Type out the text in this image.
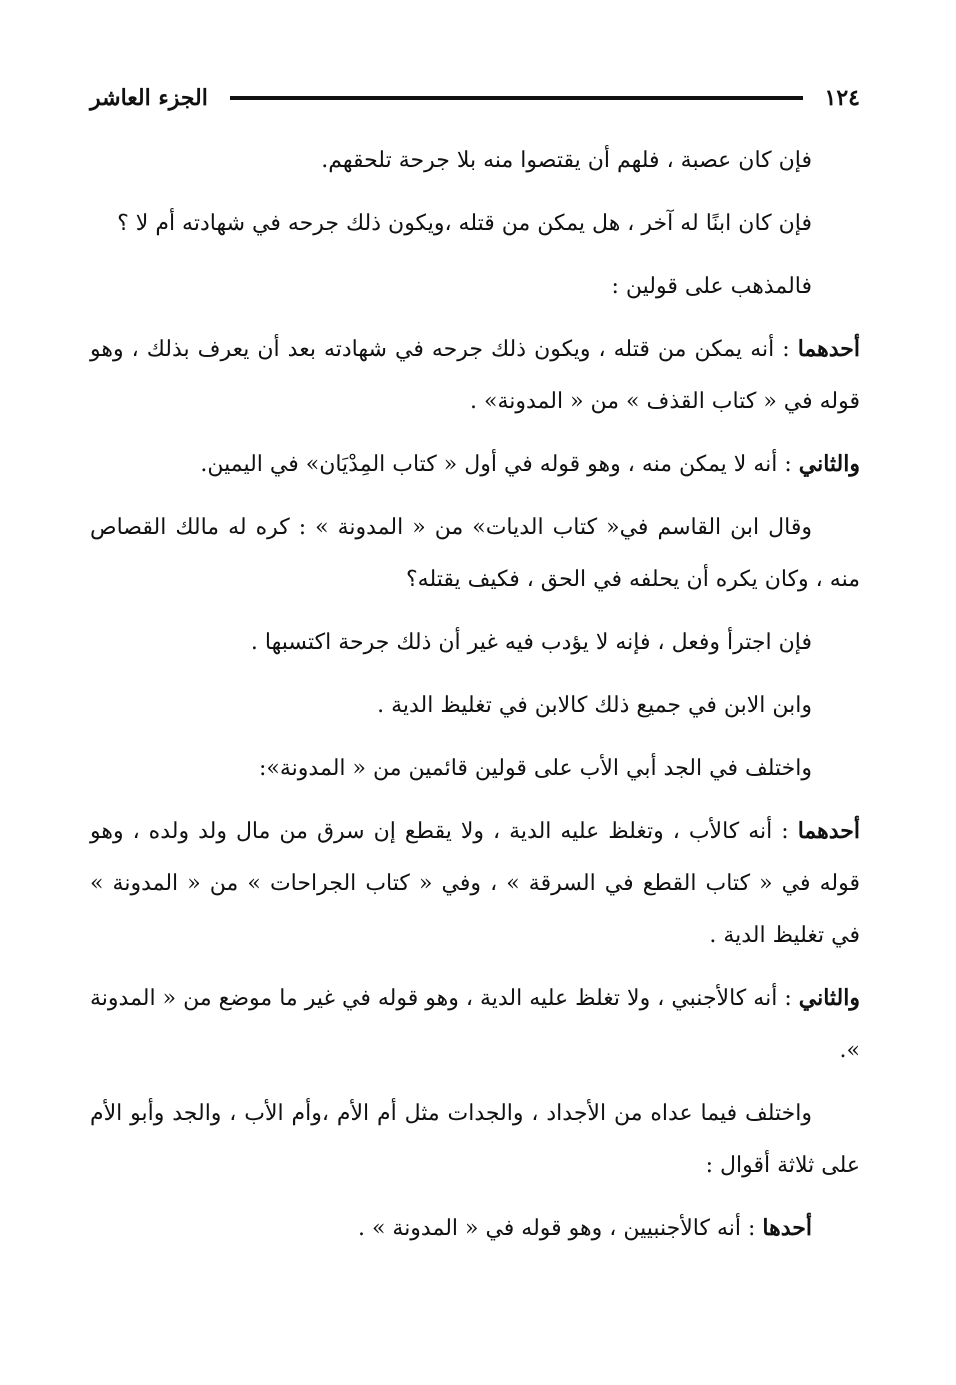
١٢٤
الجزء العاشر

فإن كان عصبة ، فلهم أن يقتصوا منه بلا جرحة تلحقهم.

فإن كان ابنًا له آخر ، هل يمكن من قتله ،ويكون ذلك جرحه في شهادته أم لا ؟

فالمذهب على قولين :

أحدهما : أنه يمكن من قتله ، ويكون ذلك جرحه في شهادته بعد أن يعرف بذلك ، وهو قوله في « كتاب القذف » من « المدونة» .

والثاني : أنه لا يمكن منه ، وهو قوله في أول « كتاب المِدْيَان» في اليمين.

وقال ابن القاسم في« كتاب الديات» من « المدونة » : كره له مالك القصاص منه ، وكان يكره أن يحلفه في الحق ، فكيف يقتله؟

فإن اجترأ وفعل ، فإنه لا يؤدب فيه غير أن ذلك جرحة اكتسبها .

وابن الابن في جميع ذلك كالابن في تغليظ الدية .

واختلف في الجد أبي الأب على قولين قائمين من « المدونة»:

أحدهما : أنه كالأب ، وتغلظ عليه الدية ، ولا يقطع إن سرق من مال ولد ولده ، وهو قوله في « كتاب القطع في السرقة » ، وفي « كتاب الجراحات » من « المدونة » في تغليظ الدية .

والثاني : أنه كالأجنبي ، ولا تغلظ عليه الدية ، وهو قوله في غير ما موضع من « المدونة ».

واختلف فيما عداه من الأجداد ، والجدات مثل أم الأم ،وأم الأب ، والجد وأبو الأم على ثلاثة أقوال :

أحدها : أنه كالأجنبيين ، وهو قوله في « المدونة » .
